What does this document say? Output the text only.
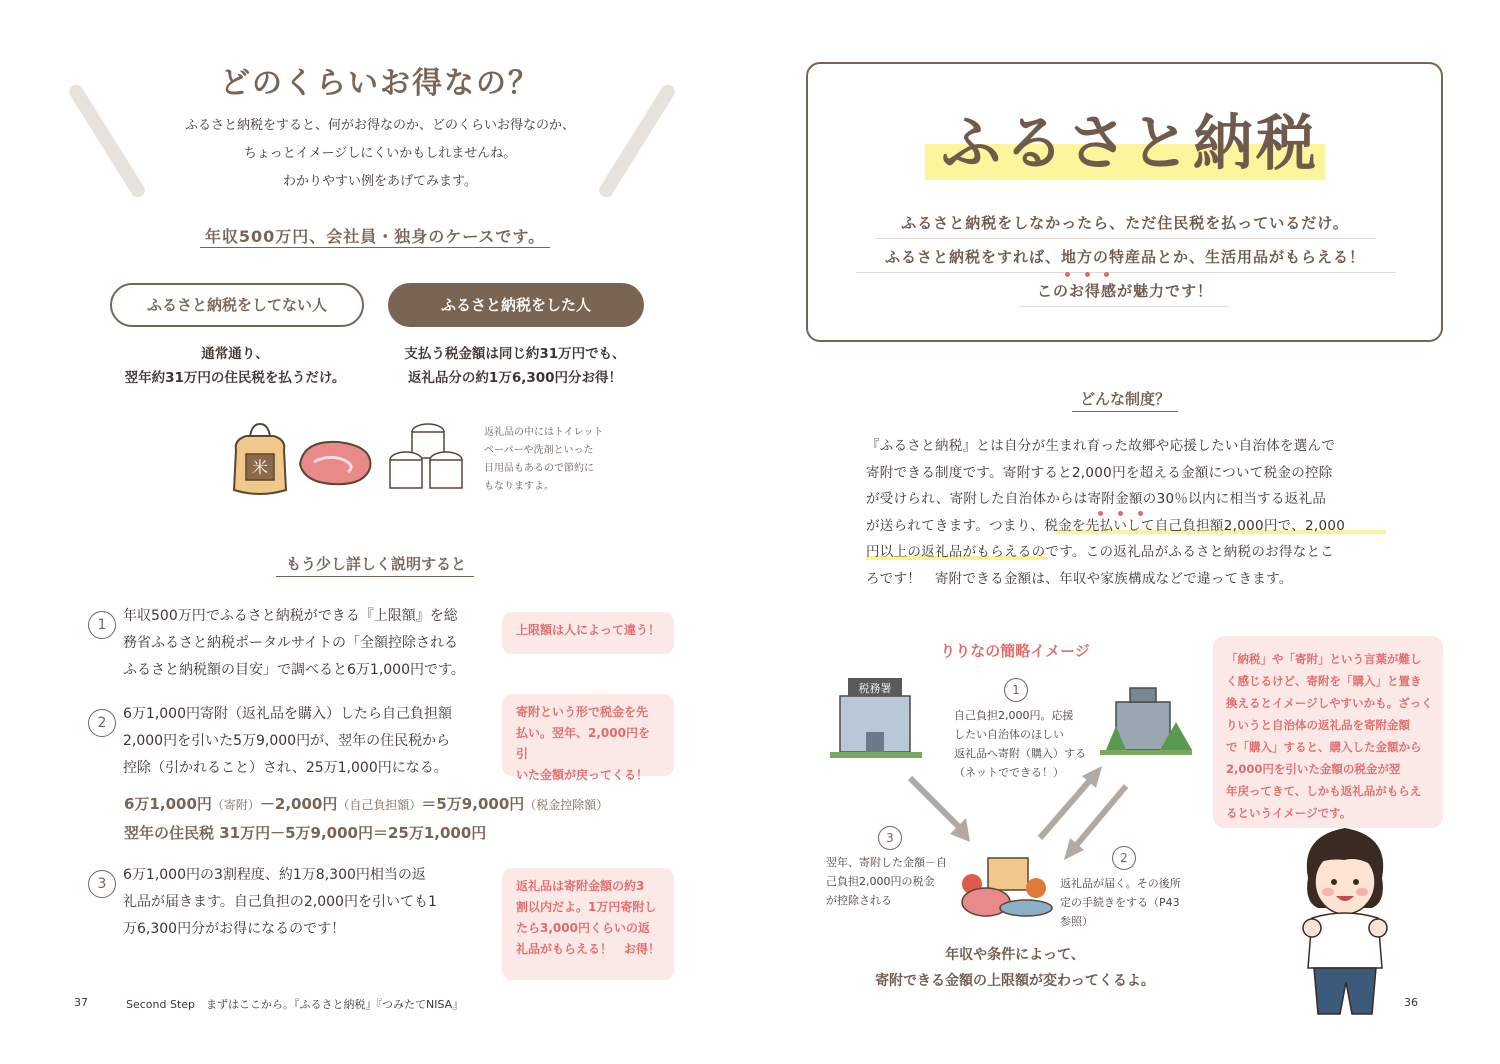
どのくらいお得なの？
ふるさと納税をすると、何がお得なのか、どのくらいお得なのか、
ちょっとイメージしにくいかもしれませんね。
わかりやすい例をあげてみます。
年収500万円、会社員・独身のケースです。
ふるさと納税をしてない人	ふるさと納税をした人
通常通り、
翌年約31万円の住民税を払うだけ。
支払う税金額は同じ約31万円でも、
返礼品分の約1万6,300円分お得！
米
返礼品の中にはトイレット
ペーパーや洗剤といった
日用品もあるので節約に
もなりますよ。
もう少し詳しく説明すると
1
年収500万円でふるさと納税ができる『上限額』を総
務省ふるさと納税ポータルサイトの「全額控除される
ふるさと納税額の目安」で調べると6万1,000円です。
上限額は人によって違う！
2
6万1,000円寄附（返礼品を購入）したら自己負担額
2,000円を引いた5万9,000円が、翌年の住民税から
控除（引かれること）され、25万1,000円になる。
寄附という形で税金を先
払い。翌年、2,000円を引
いた金額が戻ってくる！
6万1,000円（寄附）－2,000円（自己負担額）＝5万9,000円（税金控除額）
翌年の住民税 31万円－5万9,000円＝25万1,000円
3
6万1,000円の3割程度、約1万8,300円相当の返
礼品が届きます。自己負担の2,000円を引いても1
万6,300円分がお得になるのです！
返礼品は寄附金額の約3
割以内だよ。1万円寄附し
たら3,000円くらいの返
礼品がもらえる！　お得！
37	Second Step　まずはここから。『ふるさと納税』『つみたてNISA』
ふるさと納税
ふるさと納税をしなかったら、ただ住民税を払っているだけ。
ふるさと納税をすれば、地方の特産品とか、生活用品がもらえる！
このお得感が魅力です！
どんな制度？
『ふるさと納税』とは自分が生まれ育った故郷や応援したい自治体を選んで
寄附できる制度です。寄附すると2,000円を超える金額について税金の控除
が受けられ、寄附した自治体からは寄附金額の30％以内に相当する返礼品
が送られてきます。つまり、税金を先払いして自己負担額2,000円で、2,000
円以上の返礼品がもらえるのです。この返礼品がふるさと納税のお得なとこ
ろです！　寄附できる金額は、年収や家族構成などで違ってきます。
りりなの簡略イメージ
税務署	1
自己負担2,000円。応援
したい自治体のほしい
返礼品へ寄附（購入）する
（ネットでできる！）
3
翌年、寄附した金額－自
己負担2,000円の税金
が控除される
2
返礼品が届く。その後所
定の手続きをする（P43
参照）
「納税」や「寄附」という言葉が難し
く感じるけど、寄附を「購入」と置き
換えるとイメージしやすいかも。ざっく
りいうと自治体の返礼品を寄附金額
で「購入」すると、購入した金額から
2,000円を引いた金額の税金が翌
年戻ってきて、しかも返礼品がもらえ
るというイメージです。
年収や条件によって、
寄附できる金額の上限額が変わってくるよ。
36
